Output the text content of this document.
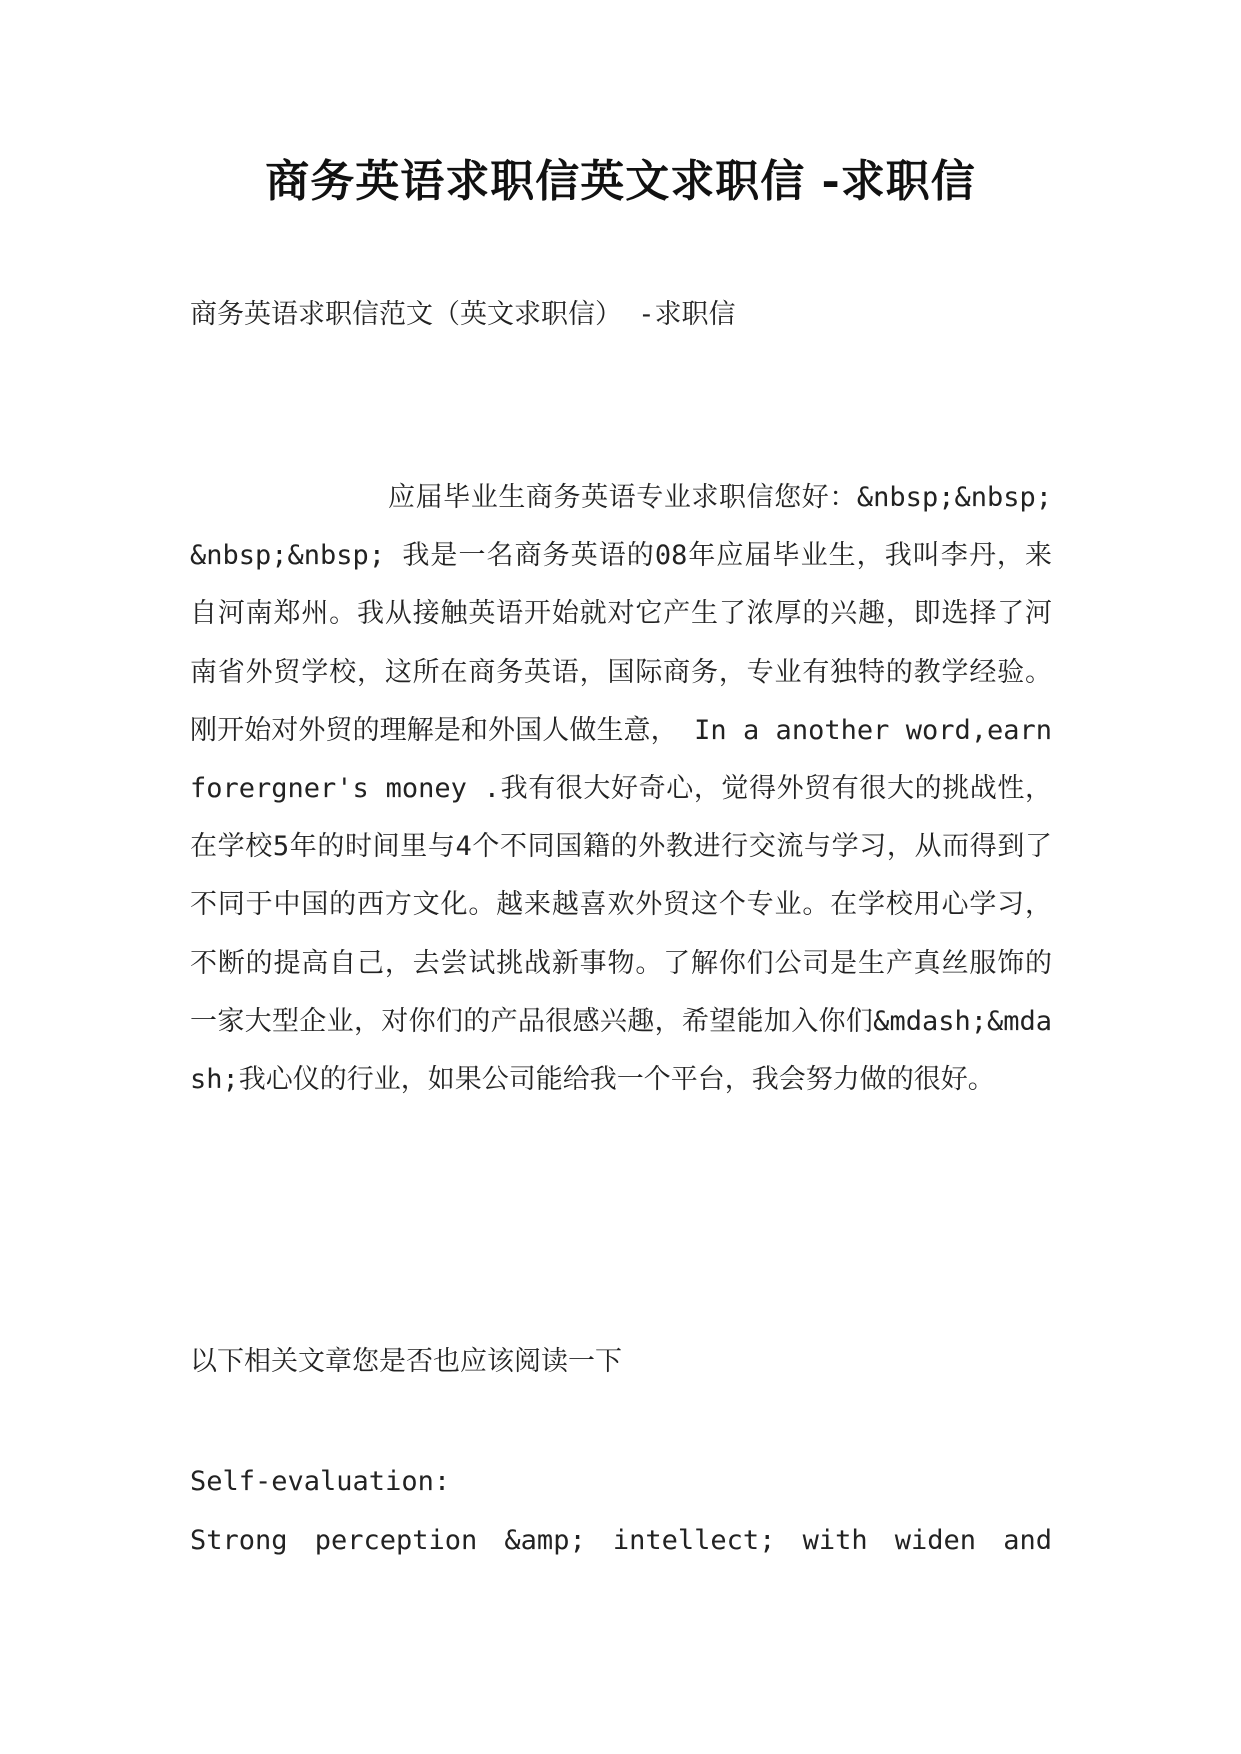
商务英语求职信英文求职信 -求职信
商务英语求职信范文（英文求职信） -求职信
应届毕业生商务英语专业求职信您好：&nbsp;&nbsp;&nbsp;&nbsp; 我是一名商务英语的08年应届毕业生，我叫李丹，来自河南郑州。我从接触英语开始就对它产生了浓厚的兴趣，即选择了河南省外贸学校，这所在商务英语，国际商务，专业有独特的教学经验。刚开始对外贸的理解是和外国人做生意， In a another word,earn forergner's money .我有很大好奇心，觉得外贸有很大的挑战性，在学校5年的时间里与4个不同国籍的外教进行交流与学习，从而得到了不同于中国的西方文化。越来越喜欢外贸这个专业。在学校用心学习，不断的提高自己，去尝试挑战新事物。了解你们公司是生产真丝服饰的一家大型企业，对你们的产品很感兴趣，希望能加入你们&mdash;&mdash;我心仪的行业，如果公司能给我一个平台，我会努力做的很好。
以下相关文章您是否也应该阅读一下
Self-evaluation:
Strong perception &amp; intellect; with widen and
